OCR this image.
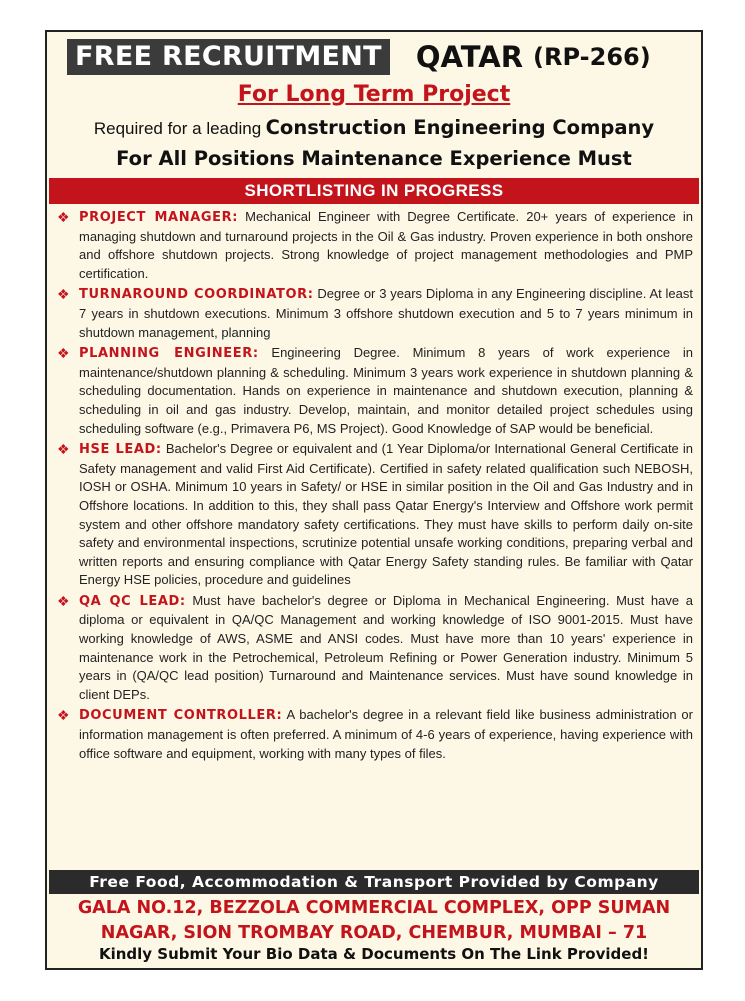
FREE RECRUITMENT QATAR (RP-266)
For Long Term Project
Required for a leading Construction Engineering Company
For All Positions Maintenance Experience Must
SHORTLISTING IN PROGRESS
❖ PROJECT MANAGER: Mechanical Engineer with Degree Certificate. 20+ years of experience in managing shutdown and turnaround projects in the Oil & Gas industry. Proven experience in both onshore and offshore shutdown projects. Strong knowledge of project management methodologies and PMP certification.
❖ TURNAROUND COORDINATOR: Degree or 3 years Diploma in any Engineering discipline. At least 7 years in shutdown executions. Minimum 3 offshore shutdown execution and 5 to 7 years minimum in shutdown management, planning
❖ PLANNING ENGINEER: Engineering Degree. Minimum 8 years of work experience in maintenance/shutdown planning & scheduling. Minimum 3 years work experience in shutdown planning & scheduling documentation. Hands on experience in maintenance and shutdown execution, planning & scheduling in oil and gas industry. Develop, maintain, and monitor detailed project schedules using scheduling software (e.g., Primavera P6, MS Project). Good Knowledge of SAP would be beneficial.
❖ HSE LEAD: Bachelor's Degree or equivalent and (1 Year Diploma/or International General Certificate in Safety management and valid First Aid Certificate). Certified in safety related qualification such NEBOSH, IOSH or OSHA. Minimum 10 years in Safety/ or HSE in similar position in the Oil and Gas Industry and in Offshore locations. In addition to this, they shall pass Qatar Energy's Interview and Offshore work permit system and other offshore mandatory safety certifications. They must have skills to perform daily on-site safety and environmental inspections, scrutinize potential unsafe working conditions, preparing verbal and written reports and ensuring compliance with Qatar Energy Safety standing rules. Be familiar with Qatar Energy HSE policies, procedure and guidelines
❖ QA QC LEAD: Must have bachelor's degree or Diploma in Mechanical Engineering. Must have a diploma or equivalent in QA/QC Management and working knowledge of ISO 9001-2015. Must have working knowledge of AWS, ASME and ANSI codes. Must have more than 10 years' experience in maintenance work in the Petrochemical, Petroleum Refining or Power Generation industry. Minimum 5 years in (QA/QC lead position) Turnaround and Maintenance services. Must have sound knowledge in client DEPs.
❖ DOCUMENT CONTROLLER: A bachelor's degree in a relevant field like business administration or information management is often preferred. A minimum of 4-6 years of experience, having experience with office software and equipment, working with many types of files.
Free Food, Accommodation & Transport Provided by Company
GALA NO.12, BEZZOLA COMMERCIAL COMPLEX, OPP SUMAN
NAGAR, SION TROMBAY ROAD, CHEMBUR, MUMBAI – 71
Kindly Submit Your Bio Data & Documents On The Link Provided!
